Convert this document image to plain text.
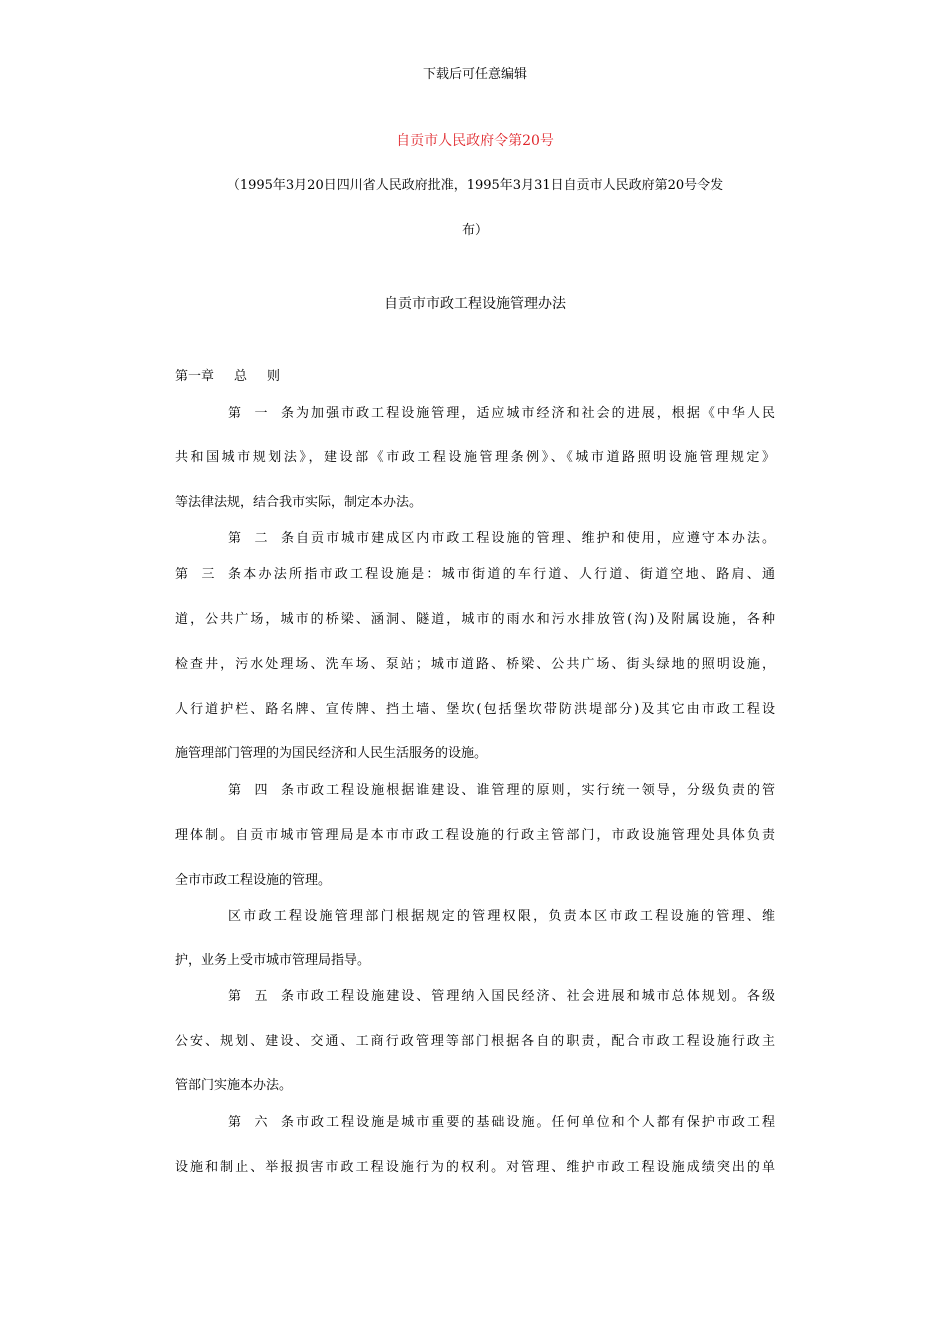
下载后可任意编辑
自贡市人民政府令第20号
（1995年3月20日四川省人民政府批准，1995年3月31日自贡市人民政府第20号令发
布）
自贡市市政工程设施管理办法
第一章 总 则
第一条为加强市政工程设施管理，适应城市经济和社会的进展，根据《中华人民
共和国城市规划法》，建设部《市政工程设施管理条例》、《城市道路照明设施管理规定》
等法律法规，结合我市实际，制定本办法。
第二条自贡市城市建成区内市政工程设施的管理、维护和使用，应遵守本办法。
第三条本办法所指市政工程设施是：城市街道的车行道、人行道、街道空地、路肩、通
道，公共广场，城市的桥梁、涵洞、隧道，城市的雨水和污水排放管(沟)及附属设施，各种
检查井，污水处理场、洗车场、泵站；城市道路、桥梁、公共广场、街头绿地的照明设施，
人行道护栏、路名牌、宣传牌、挡土墙、堡坎(包括堡坎带防洪堤部分)及其它由市政工程设
施管理部门管理的为国民经济和人民生活服务的设施。
第四条市政工程设施根据谁建设、谁管理的原则，实行统一领导，分级负责的管
理体制。自贡市城市管理局是本市市政工程设施的行政主管部门，市政设施管理处具体负责
全市市政工程设施的管理。
区市政工程设施管理部门根据规定的管理权限，负责本区市政工程设施的管理、维
护，业务上受市城市管理局指导。
第五条市政工程设施建设、管理纳入国民经济、社会进展和城市总体规划。各级
公安、规划、建设、交通、工商行政管理等部门根据各自的职责，配合市政工程设施行政主
管部门实施本办法。
第六条市政工程设施是城市重要的基础设施。任何单位和个人都有保护市政工程
设施和制止、举报损害市政工程设施行为的权利。对管理、维护市政工程设施成绩突出的单
